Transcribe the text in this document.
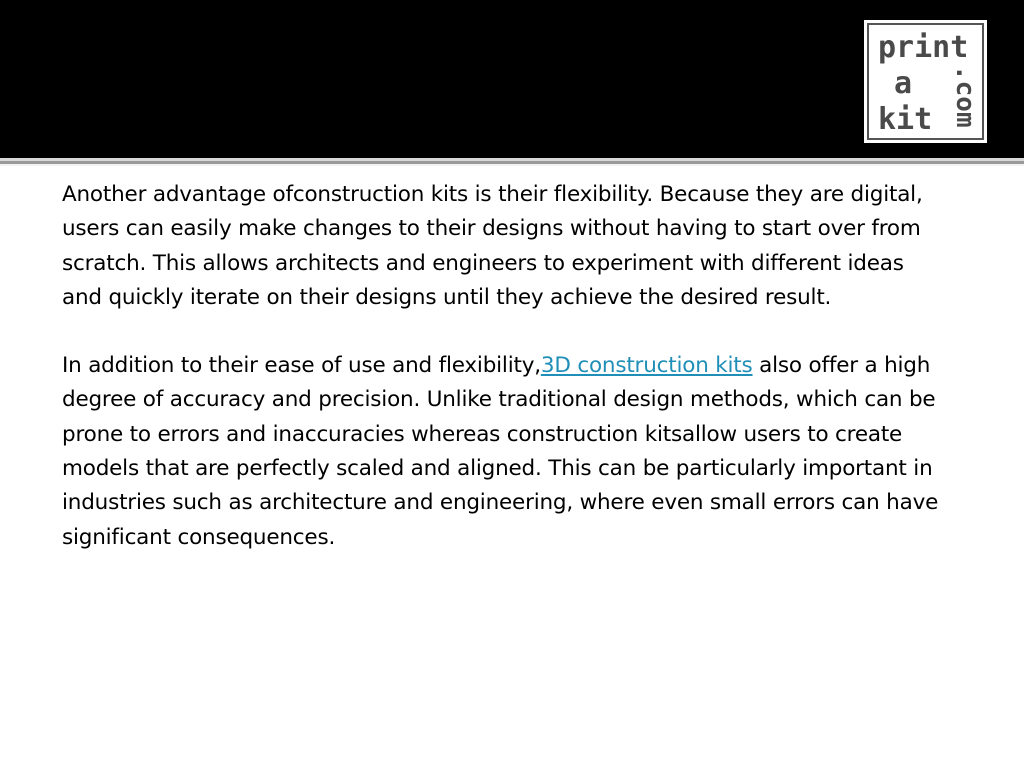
print
a
kit .com

Another advantage ofconstruction kits is their flexibility. Because they are digital, users can easily make changes to their designs without having to start over from scratch. This allows architects and engineers to experiment with different ideas and quickly iterate on their designs until they achieve the desired result.

In addition to their ease of use and flexibility,3D construction kits also offer a high degree of accuracy and precision. Unlike traditional design methods, which can be prone to errors and inaccuracies whereas construction kitsallow users to create models that are perfectly scaled and aligned. This can be particularly important in industries such as architecture and engineering, where even small errors can have significant consequences.
